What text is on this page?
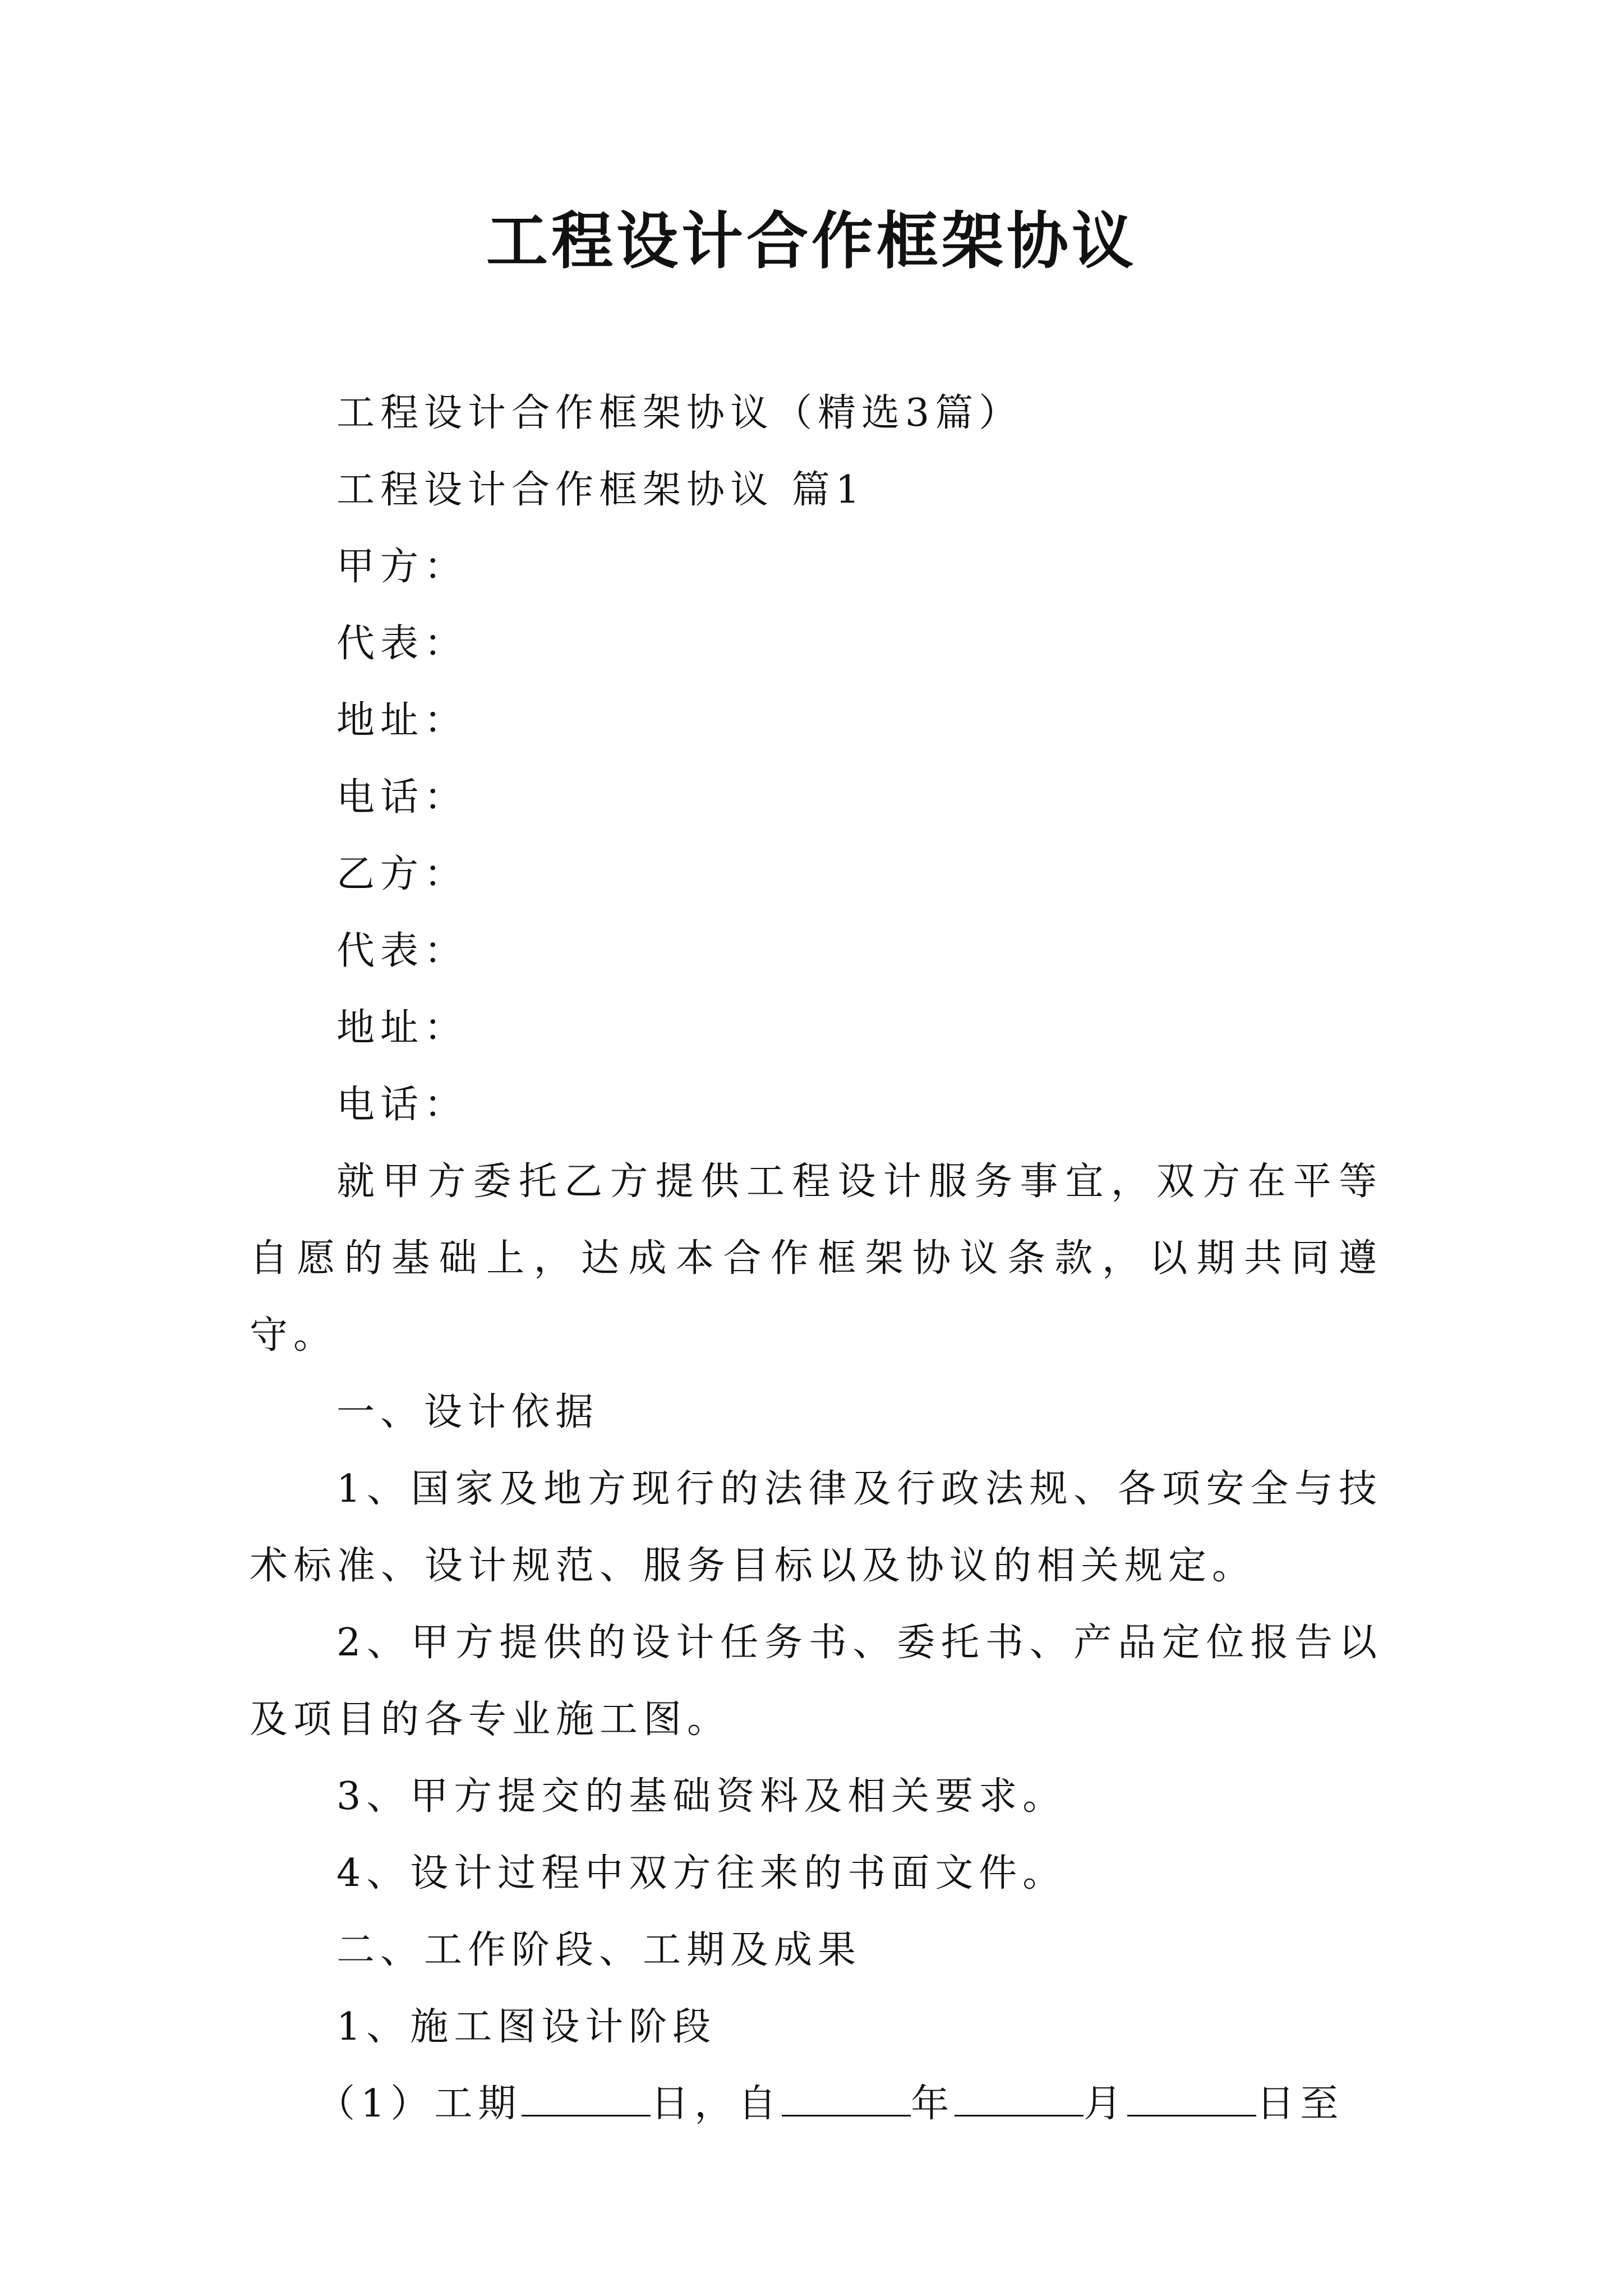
工程设计合作框架协议

工程设计合作框架协议（精选3篇）

工程设计合作框架协议 篇1

甲方：

代表：

地址：

电话：

乙方：

代表：

地址：

电话：

就甲方委托乙方提供工程设计服务事宜，双方在平等自愿的基础上，达成本合作框架协议条款，以期共同遵守。

一、设计依据

1、国家及地方现行的法律及行政法规、各项安全与技术标准、设计规范、服务目标以及协议的相关规定。

2、甲方提供的设计任务书、委托书、产品定位报告以及项目的各专业施工图。

3、甲方提交的基础资料及相关要求。

4、设计过程中双方往来的书面文件。

二、工作阶段、工期及成果

1、施工图设计阶段

（1）工期	日，自	年	月	日至
